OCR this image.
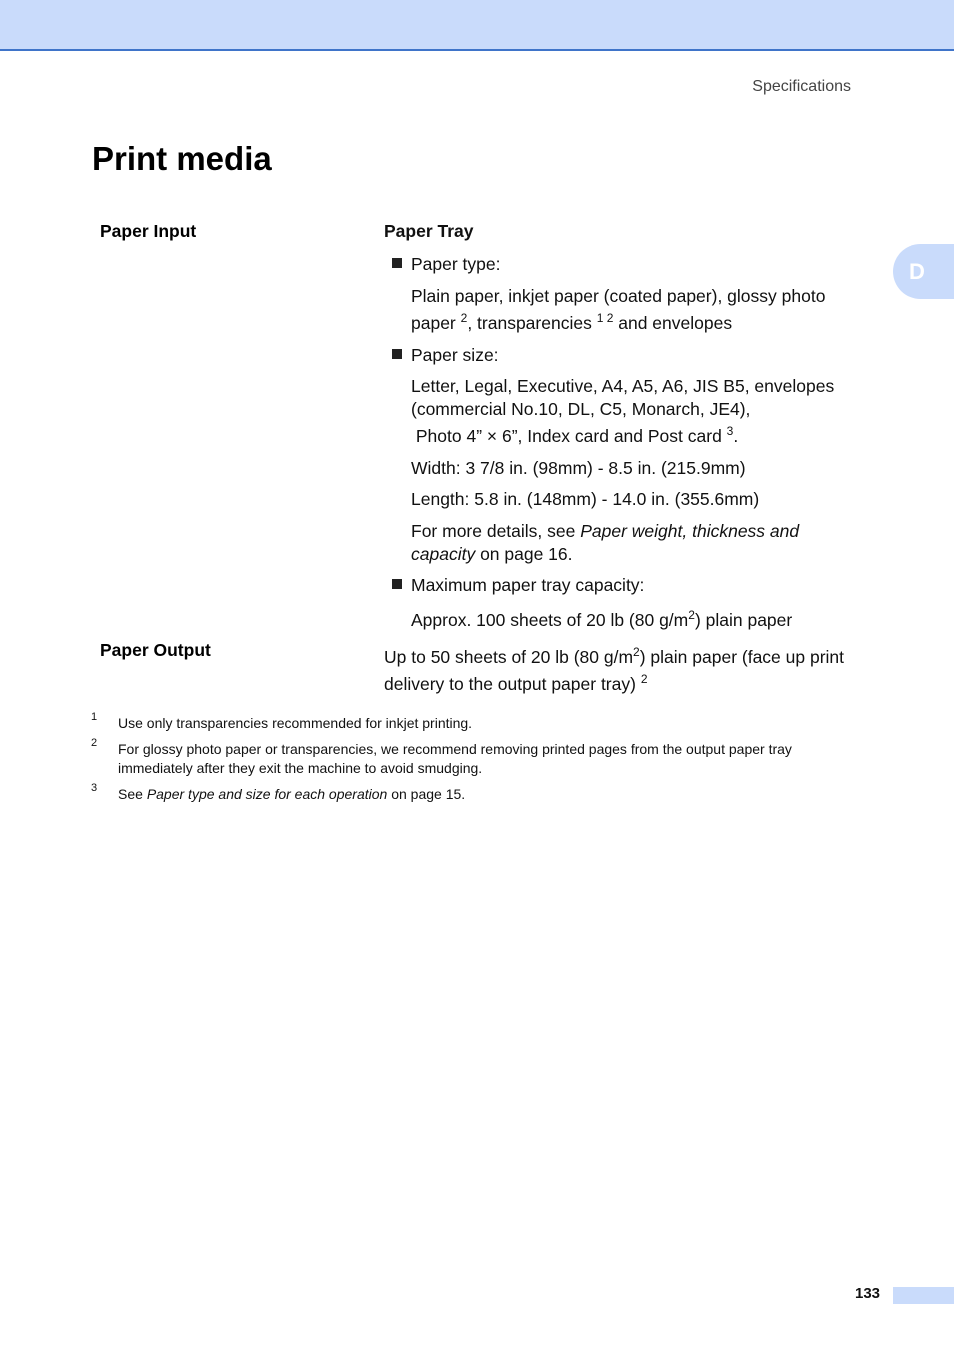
Specifications
Print media
D
Paper Input	Paper Tray
Paper type:
Plain paper, inkjet paper (coated paper), glossy photo
paper $^2$, transparencies $^{1 2}$ and envelopes
Paper size:
Letter, Legal, Executive, A4, A5, A6, JIS B5, envelopes
(commercial No.10, DL, C5, Monarch, JE4),
Photo 4” × 6”, Index card and Post card $^3$.
Width: 3 7/8 in. (98mm) - 8.5 in. (215.9mm)
Length: 5.8 in. (148mm) - 14.0 in. (355.6mm)
For more details, see Paper weight, thickness and
capacity on page 16.
Maximum paper tray capacity:
Approx. 100 sheets of 20 lb (80 $g/m^2$) plain paper
Paper Output	Up to 50 sheets of 20 lb (80 $g/m^2$) plain paper (face up print
delivery to the output paper tray) $^2$
1 Use only transparencies recommended for inkjet printing.
2 For glossy photo paper or transparencies, we recommend removing printed pages from the output paper tray immediately after they exit the machine to avoid smudging.
3 See Paper type and size for each operation on page 15.
133
